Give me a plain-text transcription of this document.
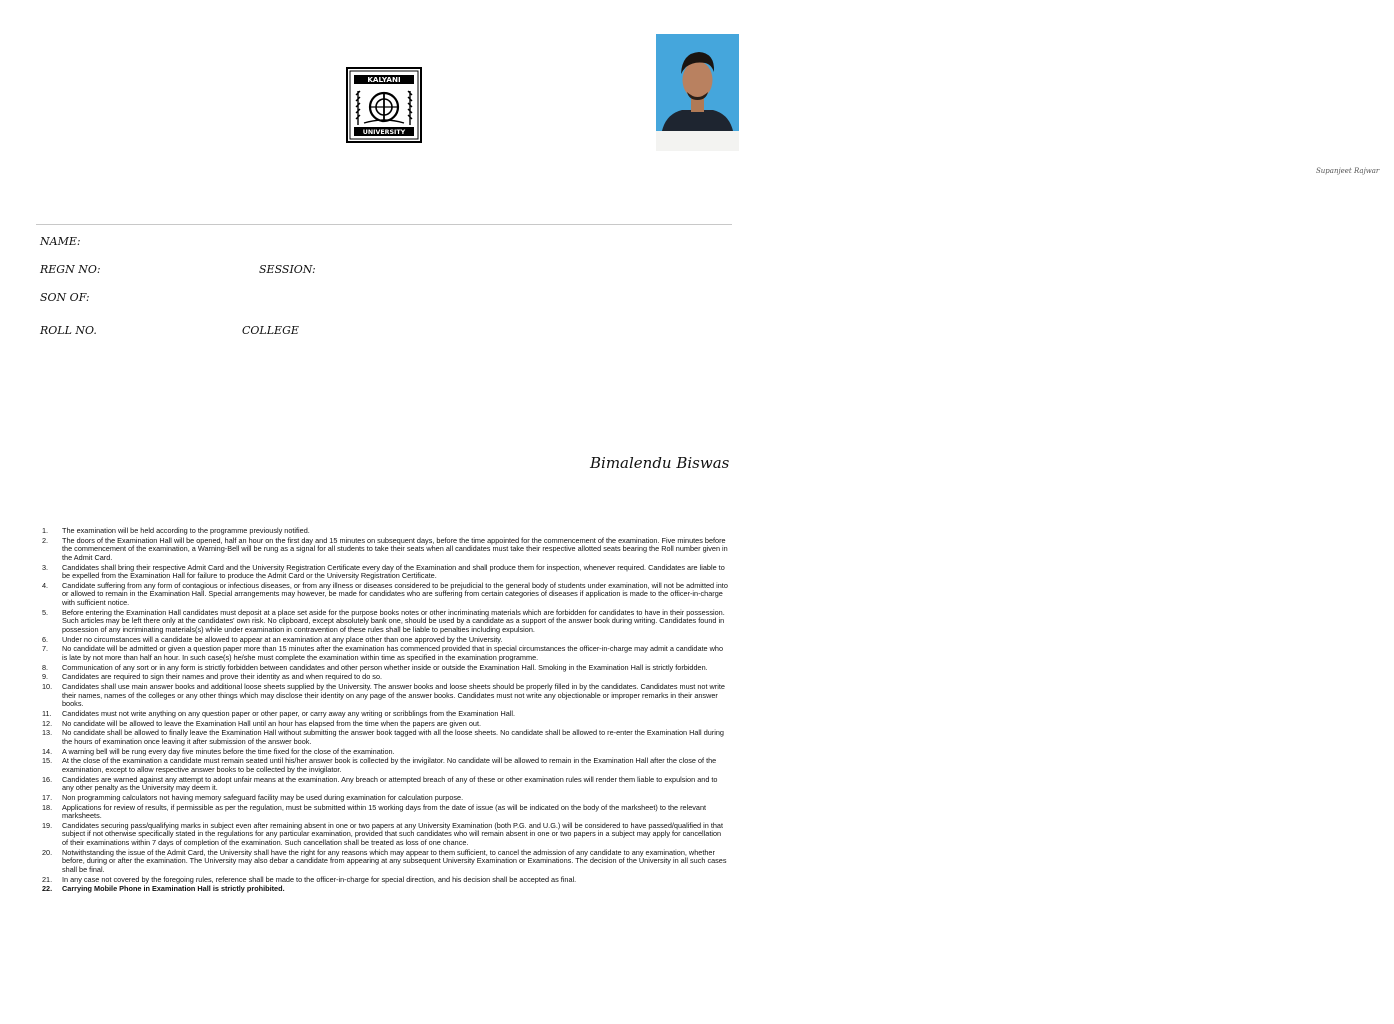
KALYANI
UNIVERSITY
Supanjeet Rajwar
NAME:
REGN NO:	SESSION:
SON OF:
ROLL NO.	COLLEGE
Bimalendu Biswas
1. The examination will be held according to the programme previously notified.
2. The doors of the Examination Hall will be opened, half an hour on the first day and 15 minutes on subsequent days, before the time appointed for the commencement of the examination. Five minutes before the commencement of the examination, a Warning-Bell will be rung as a signal for all students to take their seats when all candidates must take their respective allotted seats bearing the Roll number given in the Admit Card.
3. Candidates shall bring their respective Admit Card and the University Registration Certificate every day of the Examination and shall produce them for inspection, whenever required. Candidates are liable to be expelled from the Examination Hall for failure to produce the Admit Card or the University Registration Certificate.
4. Candidate suffering from any form of contagious or infectious diseases, or from any illness or diseases considered to be prejudicial to the general body of students under examination, will not be admitted into or allowed to remain in the Examination Hall. Special arrangements may however, be made for candidates who are suffering from certain categories of diseases if application is made to the officer-in-charge with sufficient notice.
5. Before entering the Examination Hall candidates must deposit at a place set aside for the purpose books notes or other incriminating materials which are forbidden for candidates to have in their possession. Such articles may be left there only at the candidates' own risk. No clipboard, except absolutely bank one, should be used by a candidate as a support of the answer book during writing. Candidates found in possession of any incriminating materials(s) while under examination in contravention of these rules shall be liable to penalties including expulsion.
6. Under no circumstances will a candidate be allowed to appear at an examination at any place other than one approved by the University.
7. No candidate will be admitted or given a question paper more than 15 minutes after the examination has commenced provided that in special circumstances the officer-in-charge may admit a candidate who is late by not more than half an hour. In such case(s) he/she must complete the examination within time as specified in the examination programme.
8. Communication of any sort or in any form is strictly forbidden between candidates and other person whether inside or outside the Examination Hall. Smoking in the Examination Hall is strictly forbidden.
9. Candidates are required to sign their names and prove their identity as and when required to do so.
10. Candidates shall use main answer books and additional loose sheets supplied by the University. The answer books and loose sheets should be properly filled in by the candidates. Candidates must not write their names, names of the colleges or any other things which may disclose their identity on any page of the answer books. Candidates must not write any objectionable or improper remarks in their answer books.
11. Candidates must not write anything on any question paper or other paper, or carry away any writing or scribblings from the Examination Hall.
12. No candidate will be allowed to leave the Examination Hall until an hour has elapsed from the time when the papers are given out.
13. No candidate shall be allowed to finally leave the Examination Hall without submitting the answer book tagged with all the loose sheets. No candidate shall be allowed to re-enter the Examination Hall during the hours of examination once leaving it after submission of the answer book.
14. A warning bell will be rung every day five minutes before the time fixed for the close of the examination.
15. At the close of the examination a candidate must remain seated until his/her answer book is collected by the invigilator. No candidate will be allowed to remain in the Examination Hall after the close of the examination, except to allow respective answer books to be collected by the invigilator.
16. Candidates are warned against any attempt to adopt unfair means at the examination. Any breach or attempted breach of any of these or other examination rules will render them liable to expulsion and to any other penalty as the University may deem it.
17. Non programming calculators not having memory safeguard facility may be used during examination for calculation purpose.
18. Applications for review of results, if permissible as per the regulation, must be submitted within 15 working days from the date of issue (as will be indicated on the body of the marksheet) to the relevant marksheets.
19. Candidates securing pass/qualifying marks in subject even after remaining absent in one or two papers at any University Examination (both P.G. and U.G.) will be considered to have passed/qualified in that subject if not otherwise specifically stated in the regulations for any particular examination, provided that such candidates who will remain absent in one or two papers in a subject may apply for cancellation of their examinations within 7 days of completion of the examination. Such cancellation shall be treated as loss of one chance.
20. Notwithstanding the issue of the Admit Card, the University shall have the right for any reasons which may appear to them sufficient, to cancel the admission of any candidate to any examination, whether before, during or after the examination. The University may also debar a candidate from appearing at any subsequent University Examination or Examinations. The decision of the University in all such cases shall be final.
21. In any case not covered by the foregoing rules, reference shall be made to the officer-in-charge for special direction, and his decision shall be accepted as final.
22. Carrying Mobile Phone in Examination Hall is strictly prohibited.
